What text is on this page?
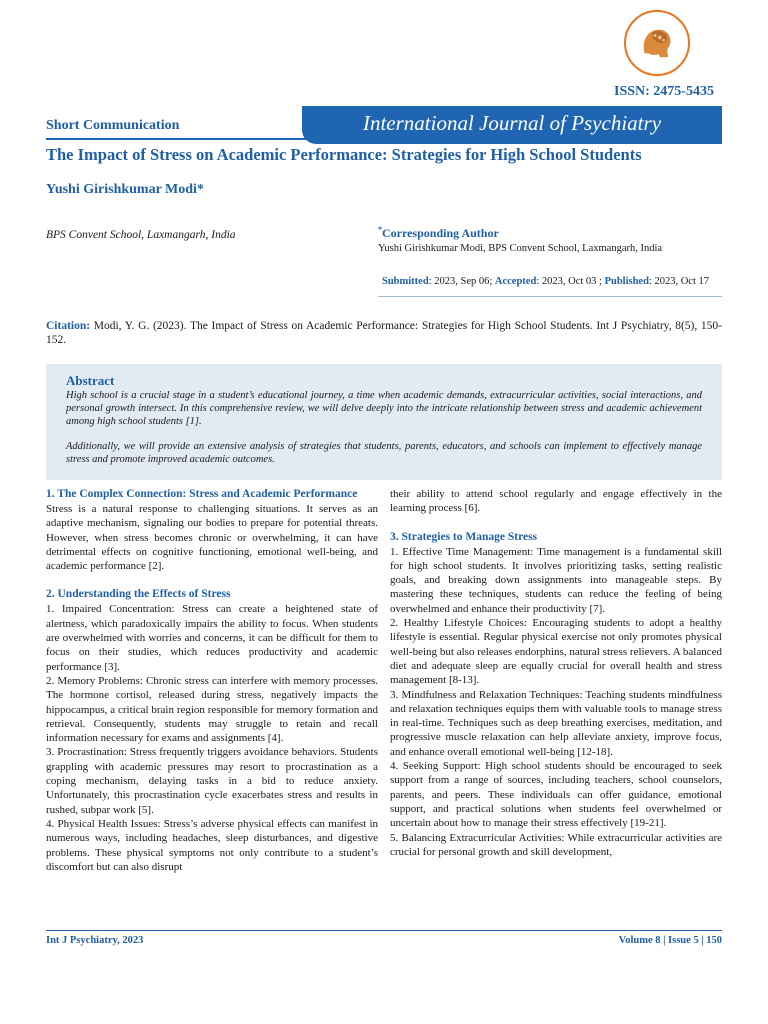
ISSN: 2475-5435
Short Communication	International Journal of Psychiatry
The Impact of Stress on Academic Performance: Strategies for High School Students
Yushi Girishkumar Modi*
BPS Convent School, Laxmangarh, India	*Corresponding Author
Yushi Girishkumar Modi, BPS Convent School, Laxmangarh, India
Submitted: 2023, Sep 06; Accepted: 2023, Oct 03 ; Published: 2023, Oct 17
Citation: Modi, Y. G. (2023). The Impact of Stress on Academic Performance: Strategies for High School Students. Int J Psychiatry, 8(5), 150-152.
Abstract

High school is a crucial stage in a student’s educational journey, a time when academic demands, extracurricular activities, social interactions, and personal growth intersect. In this comprehensive review, we will delve deeply into the intricate relationship between stress and academic achievement among high school students [1].

Additionally, we will provide an extensive analysis of strategies that students, parents, educators, and schools can implement to effectively manage stress and promote improved academic outcomes.

1. The Complex Connection: Stress and Academic Performance

Stress is a natural response to challenging situations. It serves as an adaptive mechanism, signaling our bodies to prepare for potential threats. However, when stress becomes chronic or overwhelming, it can have detrimental effects on cognitive functioning, emotional well-being, and academic performance [2].

2. Understanding the Effects of Stress

1. Impaired Concentration: Stress can create a heightened state of alertness, which paradoxically impairs the ability to focus. When students are overwhelmed with worries and concerns, it can be difficult for them to focus on their studies, which reduces productivity and academic performance [3].

2. Memory Problems: Chronic stress can interfere with memory processes. The hormone cortisol, released during stress, negatively impacts the hippocampus, a critical brain region responsible for memory formation and retrieval. Consequently, students may struggle to retain and recall information necessary for exams and assignments [4].

3. Procrastination: Stress frequently triggers avoidance behaviors. Students grappling with academic pressures may resort to procrastination as a coping mechanism, delaying tasks in a bid to reduce anxiety. Unfortunately, this procrastination cycle exacerbates stress and results in rushed, subpar work [5].

4. Physical Health Issues: Stress’s adverse physical effects can manifest in numerous ways, including headaches, sleep disturbances, and digestive problems. These physical symptoms not only contribute to a student’s discomfort but can also disrupt

their ability to attend school regularly and engage effectively in the learning process [6].

3. Strategies to Manage Stress

1. Effective Time Management: Time management is a fundamental skill for high school students. It involves prioritizing tasks, setting realistic goals, and breaking down assignments into manageable steps. By mastering these techniques, students can reduce the feeling of being overwhelmed and enhance their productivity [7].

2. Healthy Lifestyle Choices: Encouraging students to adopt a healthy lifestyle is essential. Regular physical exercise not only promotes physical well-being but also releases endorphins, natural stress relievers. A balanced diet and adequate sleep are equally crucial for overall health and stress management [8-13].

3. Mindfulness and Relaxation Techniques: Teaching students mindfulness and relaxation techniques equips them with valuable tools to manage stress in real-time. Techniques such as deep breathing exercises, meditation, and progressive muscle relaxation can help alleviate anxiety, improve focus, and enhance overall emotional well-being [12-18].

4. Seeking Support: High school students should be encouraged to seek support from a range of sources, including teachers, school counselors, parents, and peers. These individuals can offer guidance, emotional support, and practical solutions when students feel overwhelmed or uncertain about how to manage their stress effectively [19-21].

5. Balancing Extracurricular Activities: While extracurricular activities are crucial for personal growth and skill development,

Int J Psychiatry, 2023	Volume 8 | Issue 5 | 150
